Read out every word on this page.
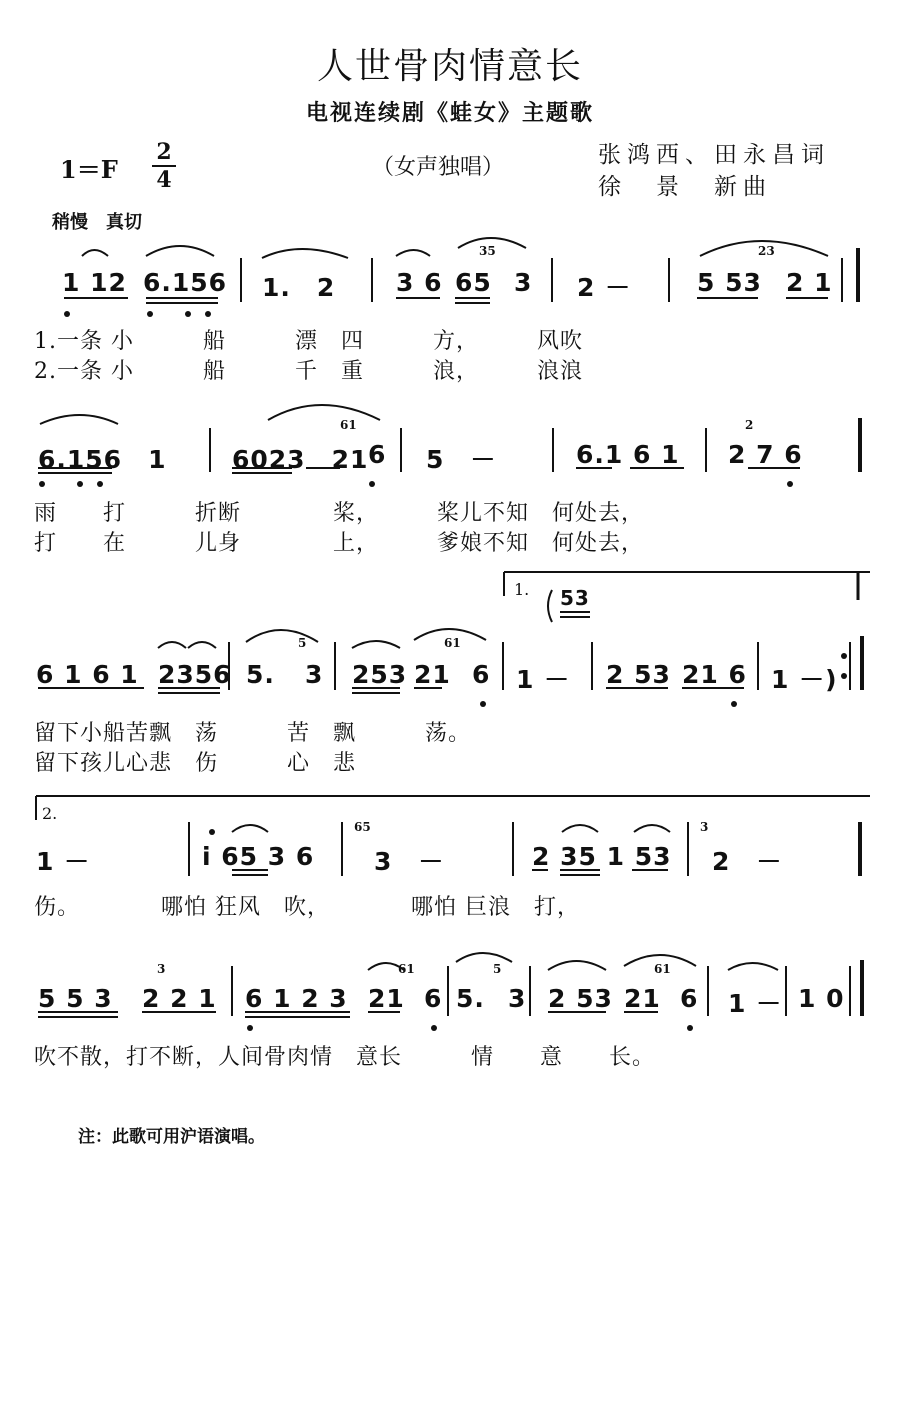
人世骨肉情意长
电视连续剧《蛙女》主题歌
1＝F
2
4	（女声独唱）	张鸿西、田永昌词
徐　景　新曲
稍慢　真切
1 12 6.156 1.　2 3 6 65 3 2 －	5 53 2 1
35	23
1.一条 小　　　船　　　漂　四　　　方，　　　风吹
2.一条 小　　　船　　　千　重　　　浪，　　　浪浪
6.156　1	6023　21 6 5　－	6.1 6 1 2 7 6
61	2
雨　　打　　　折断　　　　桨，　　　桨儿不知　何处去，
打　　在　　　儿身　　　　上，　　　爹娘不知　何处去，
1.
6 1 6 1 2356 5. 3 253 21 6 1 － 2 53 21 6 1 －)
5	61
53
留下小船苦飘　荡　　　苦　飘　　　荡。
留下孩儿心悲　伤　　　心　悲
2.
1 －	i 65 3 6 3　－	2 35 1 53 2　－
65	3
伤。　　　　哪怕 狂风　吹，　　　　哪怕 巨浪　打，
5 5 3 2 2 1 6 1 2 3 21 6 5. 3 2 53 21 6 1 － 1 0
3	61	5	61
吹不散，打不断，人间骨肉情　意长　　　情　　意　　长。
注：此歌可用沪语演唱。
